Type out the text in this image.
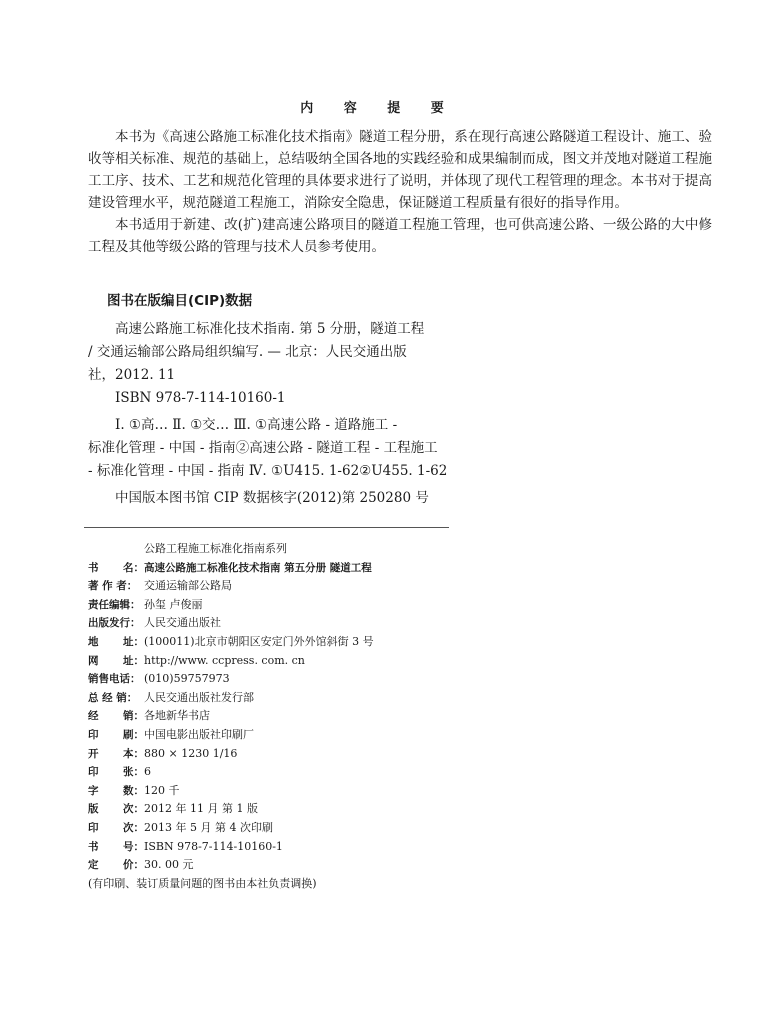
内 容 提 要

本书为《高速公路施工标准化技术指南》隧道工程分册，系在现行高速公路隧道工程设计、施工、验收等相关标准、规范的基础上，总结吸纳全国各地的实践经验和成果编制而成，图文并茂地对隧道工程施工工序、技术、工艺和规范化管理的具体要求进行了说明，并体现了现代工程管理的理念。本书对于提高建设管理水平，规范隧道工程施工，消除安全隐患，保证隧道工程质量有很好的指导作用。

本书适用于新建、改(扩)建高速公路项目的隧道工程施工管理，也可供高速公路、一级公路的大中修工程及其他等级公路的管理与技术人员参考使用。

图书在版编目(CIP)数据
高速公路施工标准化技术指南. 第 5 分册，隧道工程
/ 交通运输部公路局组织编写. — 北京：人民交通出版
社，2012. 11
ISBN 978-7-114-10160-1
Ⅰ. ①高… Ⅱ. ①交… Ⅲ. ①高速公路 - 道路施工 -
标准化管理 - 中国 - 指南②高速公路 - 隧道工程 - 工程施工
- 标准化管理 - 中国 - 指南 Ⅳ. ①U415. 1-62②U455. 1-62
中国版本图书馆 CIP 数据核字(2012)第 250280 号
公路工程施工标准化指南系列
书 名： 高速公路施工标准化技术指南 第五分册 隧道工程
著 作 者： 交通运输部公路局
责任编辑： 孙玺 卢俊丽
出版发行： 人民交通出版社
地 址： (100011)北京市朝阳区安定门外外馆斜街 3 号
网 址： http://www. ccpress. com. cn
销售电话： (010)59757973
总 经 销： 人民交通出版社发行部
经 销： 各地新华书店
印 刷： 中国电影出版社印刷厂
开 本： 880 × 1230 1/16
印 张： 6
字 数： 120 千
版 次： 2012 年 11 月 第 1 版
印 次： 2013 年 5 月 第 4 次印刷
书 号： ISBN 978-7-114-10160-1
定 价： 30. 00 元
(有印刷、装订质量问题的图书由本社负责调换)
